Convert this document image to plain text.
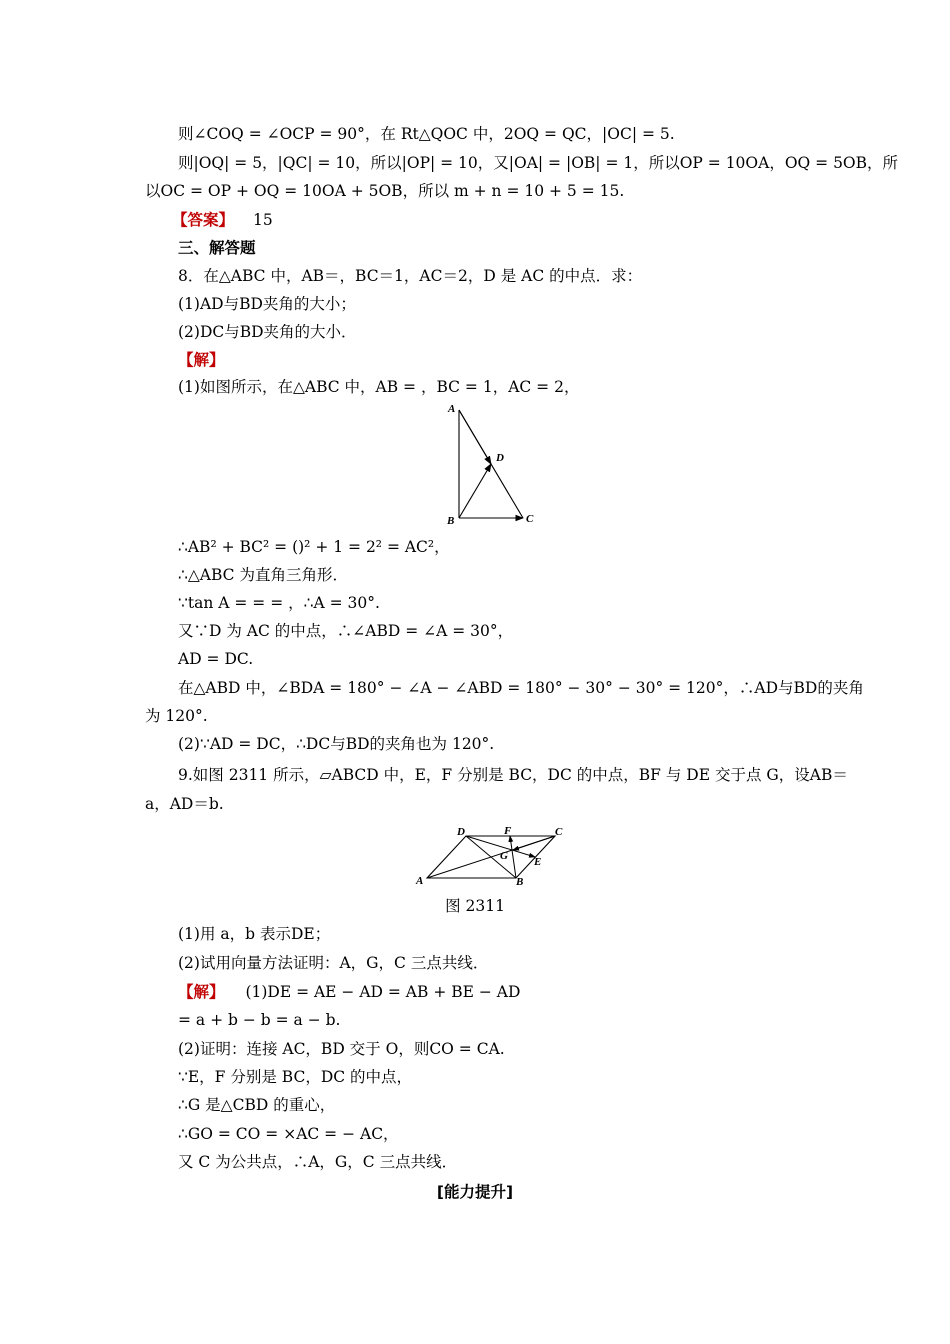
则∠COQ = ∠OCP = 90°，在 Rt△QOC 中，2OQ = QC，|OC| = 5.
则|OQ| = 5，|QC| = 10，所以|OP| = 10，又|OA| = |OB| = 1，所以OP = 10OA，OQ = 5OB，所
以OC = OP + OQ = 10OA + 5OB，所以 m + n = 10 + 5 = 15.
【答案】 15
三、解答题
8．在△ABC 中，AB＝，BC＝1，AC＝2，D 是 AC 的中点．求：
(1)AD与BD夹角的大小；
(2)DC与BD夹角的大小．
【解】
(1)如图所示，在△ABC 中，AB = ，BC = 1，AC = 2，
A
D
B	C
∴AB² + BC² = ()² + 1 = 2² = AC²，
∴△ABC 为直角三角形．
∵tan A = = = ，∴A = 30°.
又∵D 为 AC 的中点，∴∠ABD = ∠A = 30°，
AD = DC.
在△ABD 中，∠BDA = 180° − ∠A − ∠ABD = 180° − 30° − 30° = 120°，∴AD与BD的夹角
为 120°.
(2)∵AD = DC，∴DC与BD的夹角也为 120°.
9.如图 2311 所示，▱ABCD 中，E，F 分别是 BC，DC 的中点，BF 与 DE 交于点 G，设AB＝
a，AD＝b.
A	B
C
D	F
E
G
图 2311
(1)用 a，b 表示DE；
(2)试用向量方法证明：A，G，C 三点共线．
【解】 (1)DE = AE − AD = AB + BE − AD
= a + b − b = a − b.
(2)证明：连接 AC，BD 交于 O，则CO = CA.
∵E，F 分别是 BC，DC 的中点，
∴G 是△CBD 的重心，
∴GO = CO = ×AC = − AC，
又 C 为公共点，∴A，G，C 三点共线．
[能力提升]
